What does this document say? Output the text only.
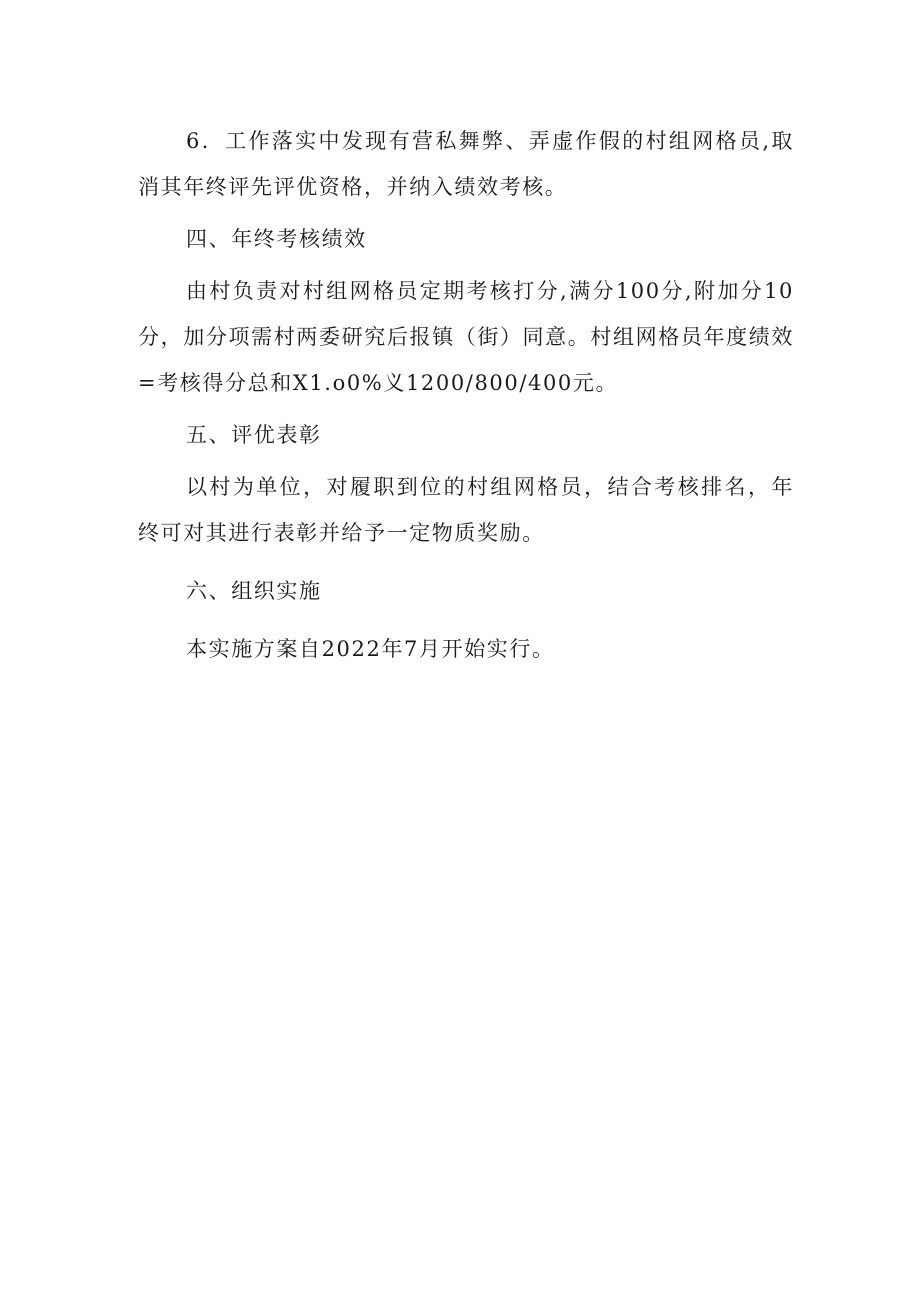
6．工作落实中发现有营私舞弊、弄虚作假的村组网格员,取消其年终评先评优资格，并纳入绩效考核。

四、年终考核绩效

由村负责对村组网格员定期考核打分,满分100分,附加分10分，加分项需村两委研究后报镇（街）同意。村组网格员年度绩效=考核得分总和X1.o0%义1200/800/400元。

五、评优表彰

以村为单位，对履职到位的村组网格员，结合考核排名，年终可对其进行表彰并给予一定物质奖励。

六、组织实施

本实施方案自2022年7月开始实行。
